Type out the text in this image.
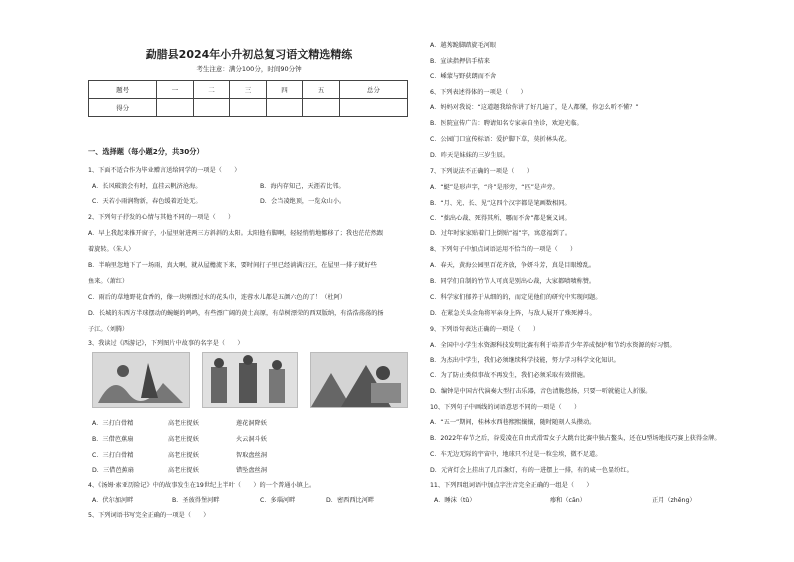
勐腊县2024年小升初总复习语文精选精练
考生注意：满分100分，时间90分钟
题号	一	二	三	四	五	总分
得分						
一、选择题（每小题2分，共30分）
1、下面不适合作为毕业赠言送给同学的一项是（　　）
A．长风破浪会有时，直挂云帆济沧海。	B．海内存知己，天涯若比邻。
C．天若小雨润物新，春色缓着近处无。	D．会当凌绝顶，一览众山小。
2、下列句子抒发的心情与其他不同的一项是（　　）
A．早上我起来推开窗子，小屋里射进两三方斜斜的太阳。太阳他有脚啊，轻轻悄悄地挪移了；我也茫茫然跟
着旋转。（朱人）
B．半晌里忽地下了一场雨，真大啊，就从屋檐流下来，要时间打子里已经淌满汪汪，在屋里一排子就好些
鱼来。（萧红）
C．雨后的草地野花食香的，像一块刚漂过水的花头巾，连蓉水儿都是五颜六色的了！（杜阿）
D．长城的东西方半球摆动的蜿蜒的鸣鸣，有些漂广阔的黄土高原，有草树漂荣的西双版纳，有浩浩荡荡的扬
子江。（刘腾）
3、我读过《西游记》，下列图片中故事的名字是（　　）
A．三打白骨精	高老庄捉妖	莲花洞降妖
B．三借芭蕉扇	高老庄捉妖	火云洞斗妖
C．三打白骨精	高老庄捉妖	智取盘丝洞
D．三借芭蕉扇	高老庄捉妖	错坠盘丝洞
4、《汤姆·索亚历险记》中的故事发生在19世纪上半叶（　　）的一个普通小镇上。
A．伏尔加河畔	B．圣彼得堡河畔	C．多瑙河畔	D．密西西比河畔
5、下列词语书写完全正确的一项是（　　）
A．越莠跪脚踏旋毛河眼
B．宣读指押信手桔来
C．嵊蒙与野获朗而不舍
6、下列表述得体的一项是（　　）
A．妈妈对我说：“这道题我给你讲了好几遍了，是人都懂，你怎么听不懂？”
B．医院宣传广告：聘请知名专家亲自坐诊，欢迎光临。
C．公园门口宣传标语：爱护脚下草，莫折林头花。
D．昨天是妹妹的三岁生辰。
7、下列说法不正确的一项是（　　）
A．“蜓”是形声字，“舟”是形旁，“匹”是声旁。
B．“月、光、长、见”这四个汉字都是笔画数相同。
C．“拙出心裁、死得其所、哪而不舍”都是褒义词。
D．过年时家家贴着门上倒贴“福”字，寓意福到了。
8、下列句子中加点词语运用不恰当的一项是（　　）
A．春天，黄海公园里百花齐放，争妍斗芳，真是目眼缭乱。
B．同学们自制的竹节人可真是别出心裁，大家都啧啧称赞。
C．科学家们郁养于从细的的，而定见他们的研究中实现问题。
D．在紧急关头金角将军亲身上阵，与敌人展开了殊死搏斗。
9、下列语句表达正确的一项是（　　）
A．全国中小学生水资源科技发明比赛有利于培养青少年养成保护和节约水资源的好习惯。
B．为杰出中学生，我们必须继续科学技能，努力学习科学文化知识。
C．为了防止类似事故不再发生，我们必须采取有效措施。
D．编钟是中国古代演奏大型打击乐器，音色清脆悠扬，只要一听就能让人折服。
10、下列句子中画线的词语意思不同的一项是（　　）
A．“五一”期间，桂林水西巷熙熙攘攘，随时随刻人头攒动。
B．2022年春节之后，谷爱凌在自由式滑雪女子大跳台比赛中独占鳌头，还在U型场地技巧赛上获得金牌。
C．车无边无际的宇宙中，地球只不过是一粒尘埃，微不足道。
D．元宵灯会上挂出了几百盏灯，有的一进摆上一排，有的咸一色显纷红。
11、下列四组词语中加点字注音完全正确的一组是（　　）
A．睡沫（tǔ）	瘆和（cān）	正月（zhēng）
